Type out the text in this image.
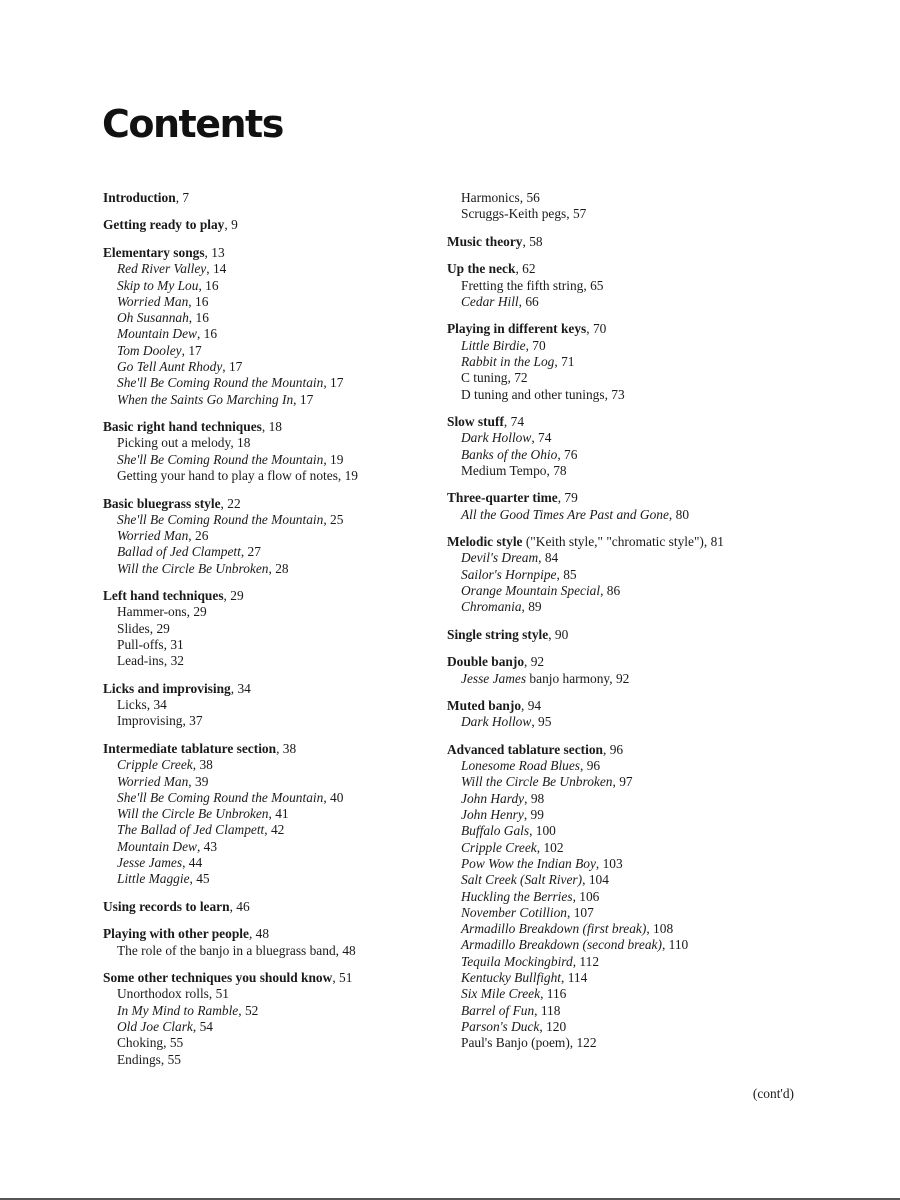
Contents
Introduction, 7
Getting ready to play, 9
Elementary songs, 13
Red River Valley, 14
Skip to My Lou, 16
Worried Man, 16
Oh Susannah, 16
Mountain Dew, 16
Tom Dooley, 17
Go Tell Aunt Rhody, 17
She'll Be Coming Round the Mountain, 17
When the Saints Go Marching In, 17
Basic right hand techniques, 18
Picking out a melody, 18
She'll Be Coming Round the Mountain, 19
Getting your hand to play a flow of notes, 19
Basic bluegrass style, 22
She'll Be Coming Round the Mountain, 25
Worried Man, 26
Ballad of Jed Clampett, 27
Will the Circle Be Unbroken, 28
Left hand techniques, 29
Hammer-ons, 29
Slides, 29
Pull-offs, 31
Lead-ins, 32
Licks and improvising, 34
Licks, 34
Improvising, 37
Intermediate tablature section, 38
Cripple Creek, 38
Worried Man, 39
She'll Be Coming Round the Mountain, 40
Will the Circle Be Unbroken, 41
The Ballad of Jed Clampett, 42
Mountain Dew, 43
Jesse James, 44
Little Maggie, 45
Using records to learn, 46
Playing with other people, 48
The role of the banjo in a bluegrass band, 48
Some other techniques you should know, 51
Unorthodox rolls, 51
In My Mind to Ramble, 52
Old Joe Clark, 54
Choking, 55
Endings, 55
Harmonics, 56
Scruggs-Keith pegs, 57
Music theory, 58
Up the neck, 62
Fretting the fifth string, 65
Cedar Hill, 66
Playing in different keys, 70
Little Birdie, 70
Rabbit in the Log, 71
C tuning, 72
D tuning and other tunings, 73
Slow stuff, 74
Dark Hollow, 74
Banks of the Ohio, 76
Medium Tempo, 78
Three-quarter time, 79
All the Good Times Are Past and Gone, 80
Melodic style ("Keith style," "chromatic style"), 81
Devil's Dream, 84
Sailor's Hornpipe, 85
Orange Mountain Special, 86
Chromania, 89
Single string style, 90
Double banjo, 92
Jesse James banjo harmony, 92
Muted banjo, 94
Dark Hollow, 95
Advanced tablature section, 96
Lonesome Road Blues, 96
Will the Circle Be Unbroken, 97
John Hardy, 98
John Henry, 99
Buffalo Gals, 100
Cripple Creek, 102
Pow Wow the Indian Boy, 103
Salt Creek (Salt River), 104
Huckling the Berries, 106
November Cotillion, 107
Armadillo Breakdown (first break), 108
Armadillo Breakdown (second break), 110
Tequila Mockingbird, 112
Kentucky Bullfight, 114
Six Mile Creek, 116
Barrel of Fun, 118
Parson's Duck, 120
Paul's Banjo (poem), 122
(cont'd)
